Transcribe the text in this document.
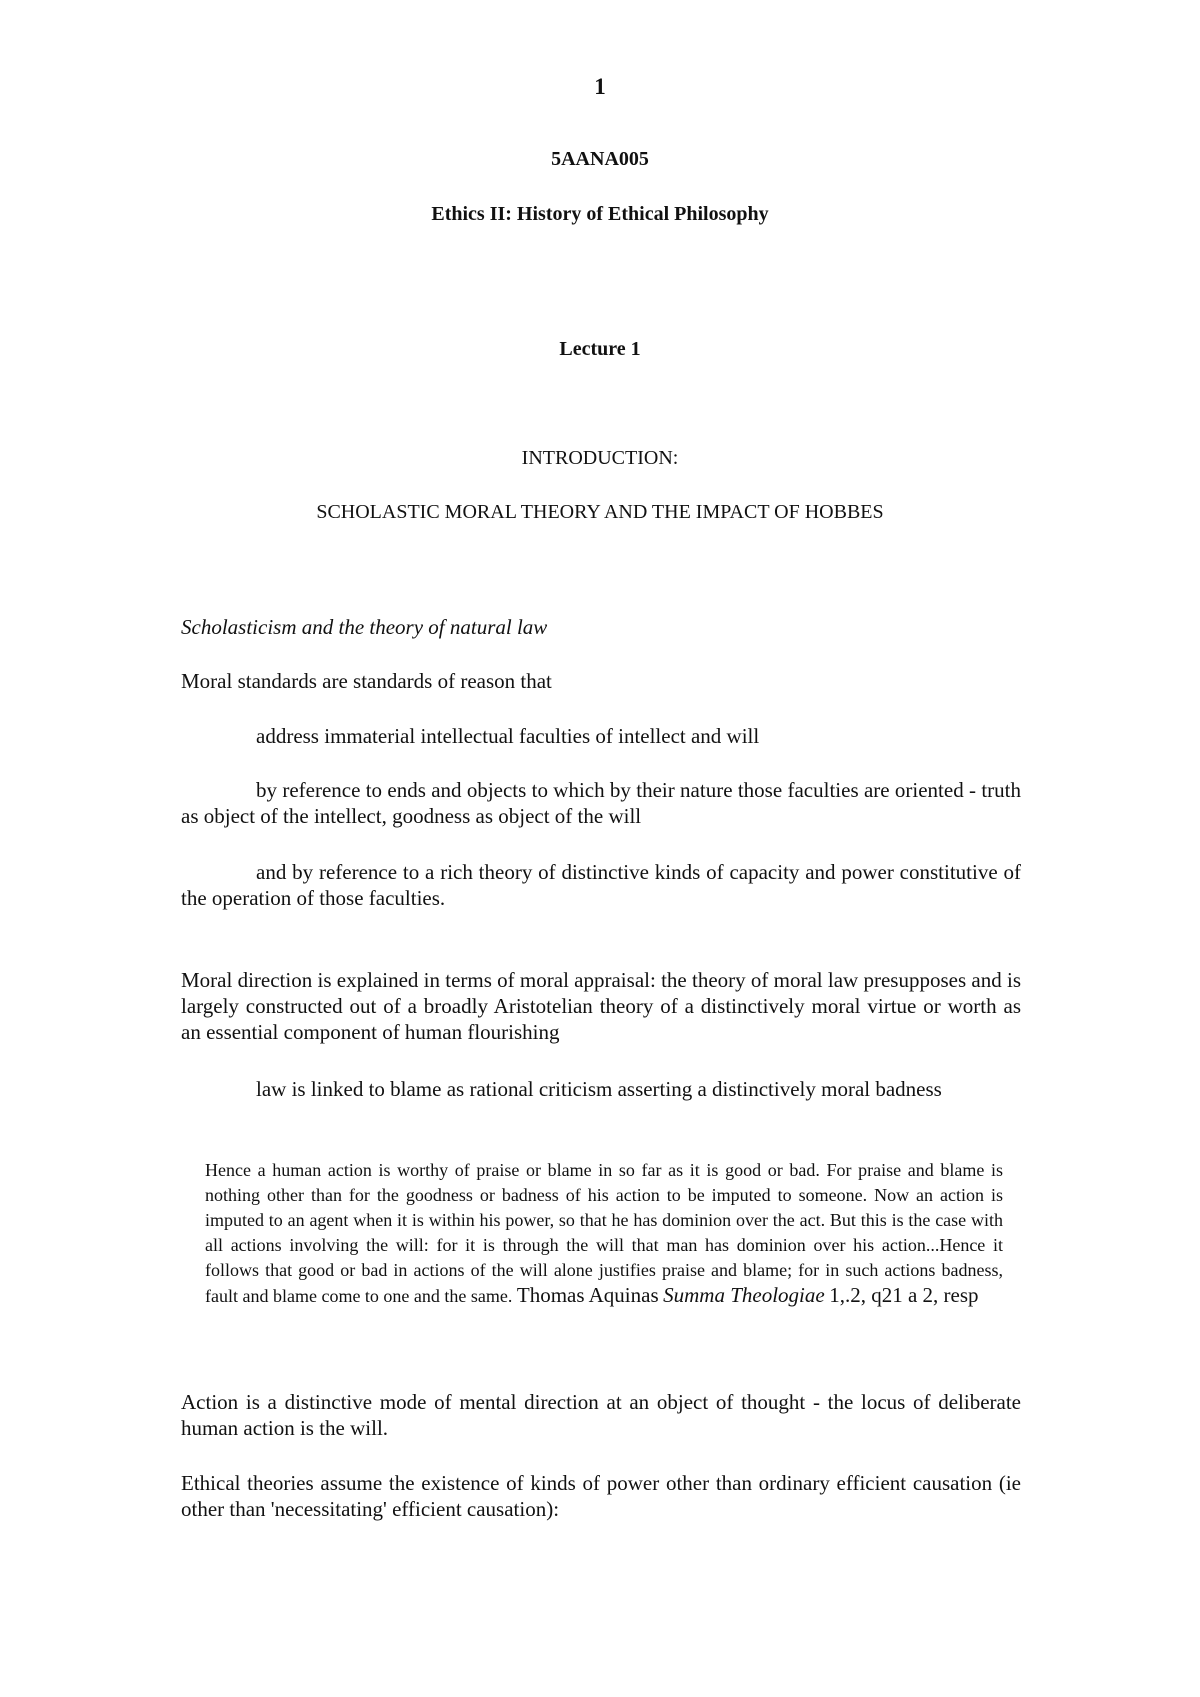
1

5AANA005

Ethics II: History of Ethical Philosophy

Lecture 1

INTRODUCTION:

SCHOLASTIC MORAL THEORY AND THE IMPACT OF HOBBES

Scholasticism and the theory of natural law

Moral standards are standards of reason that

address immaterial intellectual faculties of intellect and will

by reference to ends and objects to which by their nature those faculties are oriented - truth as object of the intellect, goodness as object of the will

and by reference to a rich theory of distinctive kinds of capacity and power constitutive of the operation of those faculties.

Moral direction is explained in terms of moral appraisal: the theory of moral law presupposes and is largely constructed out of a broadly Aristotelian theory of a distinctively moral virtue or worth as an essential component of human flourishing

law is linked to blame as rational criticism asserting a distinctively moral badness

Hence a human action is worthy of praise or blame in so far as it is good or bad. For praise and blame is nothing other than for the goodness or badness of his action to be imputed to someone. Now an action is imputed to an agent when it is within his power, so that he has dominion over the act. But this is the case with all actions involving the will: for it is through the will that man has dominion over his action...Hence it follows that good or bad in actions of the will alone justifies praise and blame; for in such actions badness, fault and blame come to one and the same. Thomas Aquinas Summa Theologiae 1,.2, q21 a 2, resp

Action is a distinctive mode of mental direction at an object of thought - the locus of deliberate human action is the will.

Ethical theories assume the existence of kinds of power other than ordinary efficient causation (ie other than 'necessitating' efficient causation):
